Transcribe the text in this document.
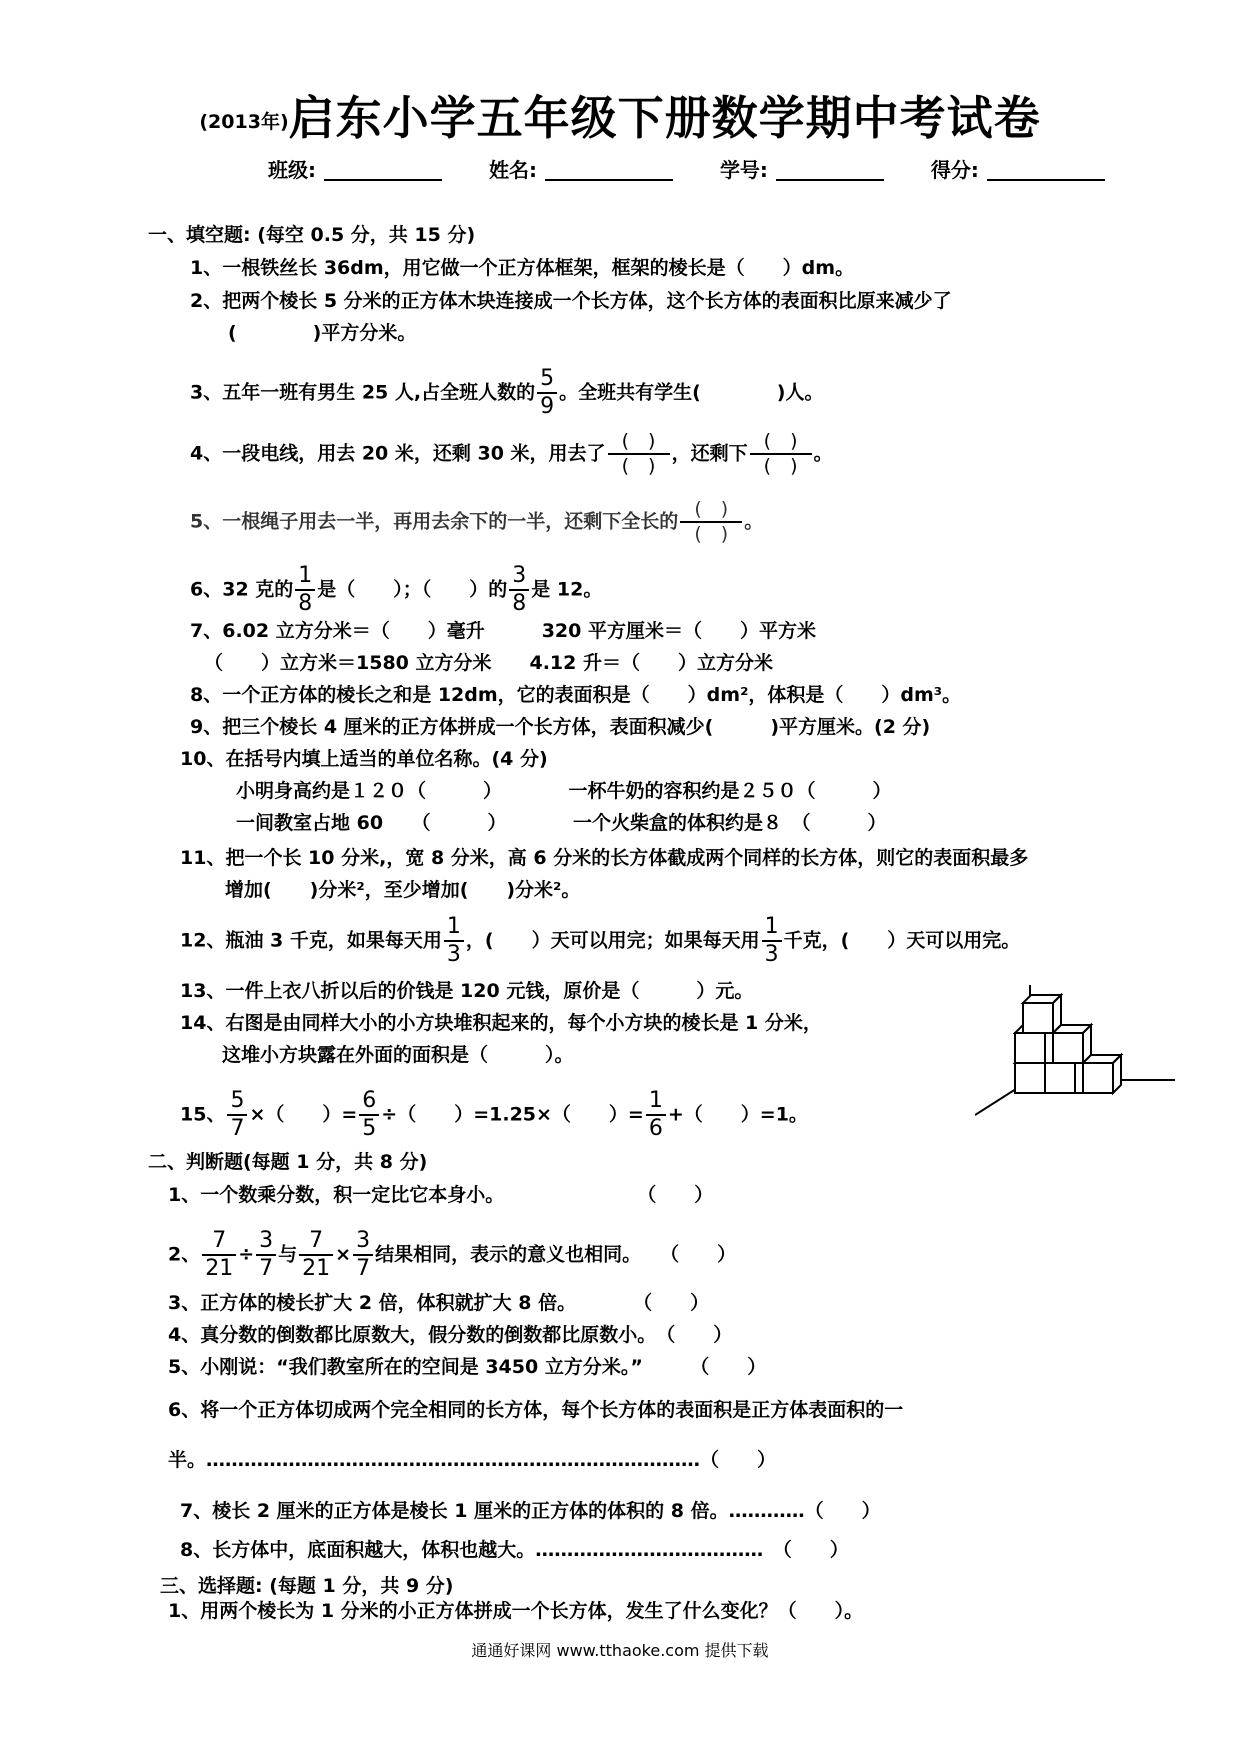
(2013年)启东小学五年级下册数学期中考试卷
班级:	姓名:	学号:	得分:
一、填空题: (每空 0.5 分，共 15 分)
1、一根铁丝长 36dm，用它做一个正方体框架，框架的棱长是（　　）dm。
2、把两个棱长 5 分米的正方体木块连接成一个长方体，这个长方体的表面积比原来减少了
(　　　　)平方分米。
3、五年一班有男生 25 人,占全班人数的 $\frac{5}{9}$ 。全班共有学生(　　　　)人。
4、一段电线，用去 20 米，还剩 30 米，用去了 $\frac{( )}{( )}$ ，还剩下 $\frac{( )}{( )}$ 。
5、一根绳子用去一半，再用去余下的一半，还剩下全长的 $\frac{( )}{( )}$ 。
6、32 克的 $\frac{1}{8}$ 是（　　）；（　　）的 $\frac{3}{8}$ 是 12。
7、6.02 立方分米＝（　　）毫升　　　320 平方厘米＝（　　）平方米
（　　）立方米＝1580 立方分米　　4.12 升＝（　　）立方分米
8、一个正方体的棱长之和是 12dm，它的表面积是（　　）dm²，体积是（　　）dm³。
9、把三个棱长 4 厘米的正方体拼成一个长方体，表面积减少(　　　)平方厘米。(2 分)
10、在括号内填上适当的单位名称。(4 分)
小明身高约是１２０（　　　）　　　　一杯牛奶的容积约是２５０（　　　）
一间教室占地 60　　（　　　）　　　　一个火柴盒的体积约是８　（　　　）
11、把一个长 10 分米,，宽 8 分米，高 6 分米的长方体截成两个同样的长方体，则它的表面积最多
增加(　　)分米²，至少增加(　　)分米²。
12、瓶油 3 千克，如果每天用 $\frac{1}{3}$ ，(　　）天可以用完；如果每天用 $\frac{1}{3}$ 千克，(　　）天可以用完。
13、一件上衣八折以后的价钱是 120 元钱，原价是（　　　）元。
14、右图是由同样大小的小方块堆积起来的，每个小方块的棱长是 1 分米，
这堆小方块露在外面的面积是（　　　）。
15、 $\frac{5}{7}$ ×（　　）= $\frac{6}{5}$ ÷（　　）=1.25×（　　）= $\frac{1}{6}$ +（　　）=1。
二、判断题(每题 1 分，共 8 分)
1、一个数乘分数，积一定比它本身小。　　　　　　　　（　　）
2、 $\frac{7}{21} \div \frac{3}{7}$ 与 $\frac{7}{21} \times \frac{3}{7}$ 结果相同，表示的意义也相同。　　（　　）
3、正方体的棱长扩大 2 倍，体积就扩大 8 倍。　　　　（　　）
4、真分数的倒数都比原数大，假分数的倒数都比原数小。　（　　）
5、小刚说：“我们教室所在的空间是 3450 立方分米。”　　　（　　）
6、将一个正方体切成两个完全相同的长方体，每个长方体的表面积是正方体表面积的一
半。……………………………………………………………………（　　）
7、棱长 2 厘米的正方体是棱长 1 厘米的正方体的体积的 8 倍。…………（　　）
8、长方体中，底面积越大，体积也越大。………………………………　（　　）
三、选择题: (每题 1 分，共 9 分)
1、用两个棱长为 1 分米的小正方体拼成一个长方体，发生了什么变化？（　　）。
通通好课网 www.tthaoke.com 提供下载
